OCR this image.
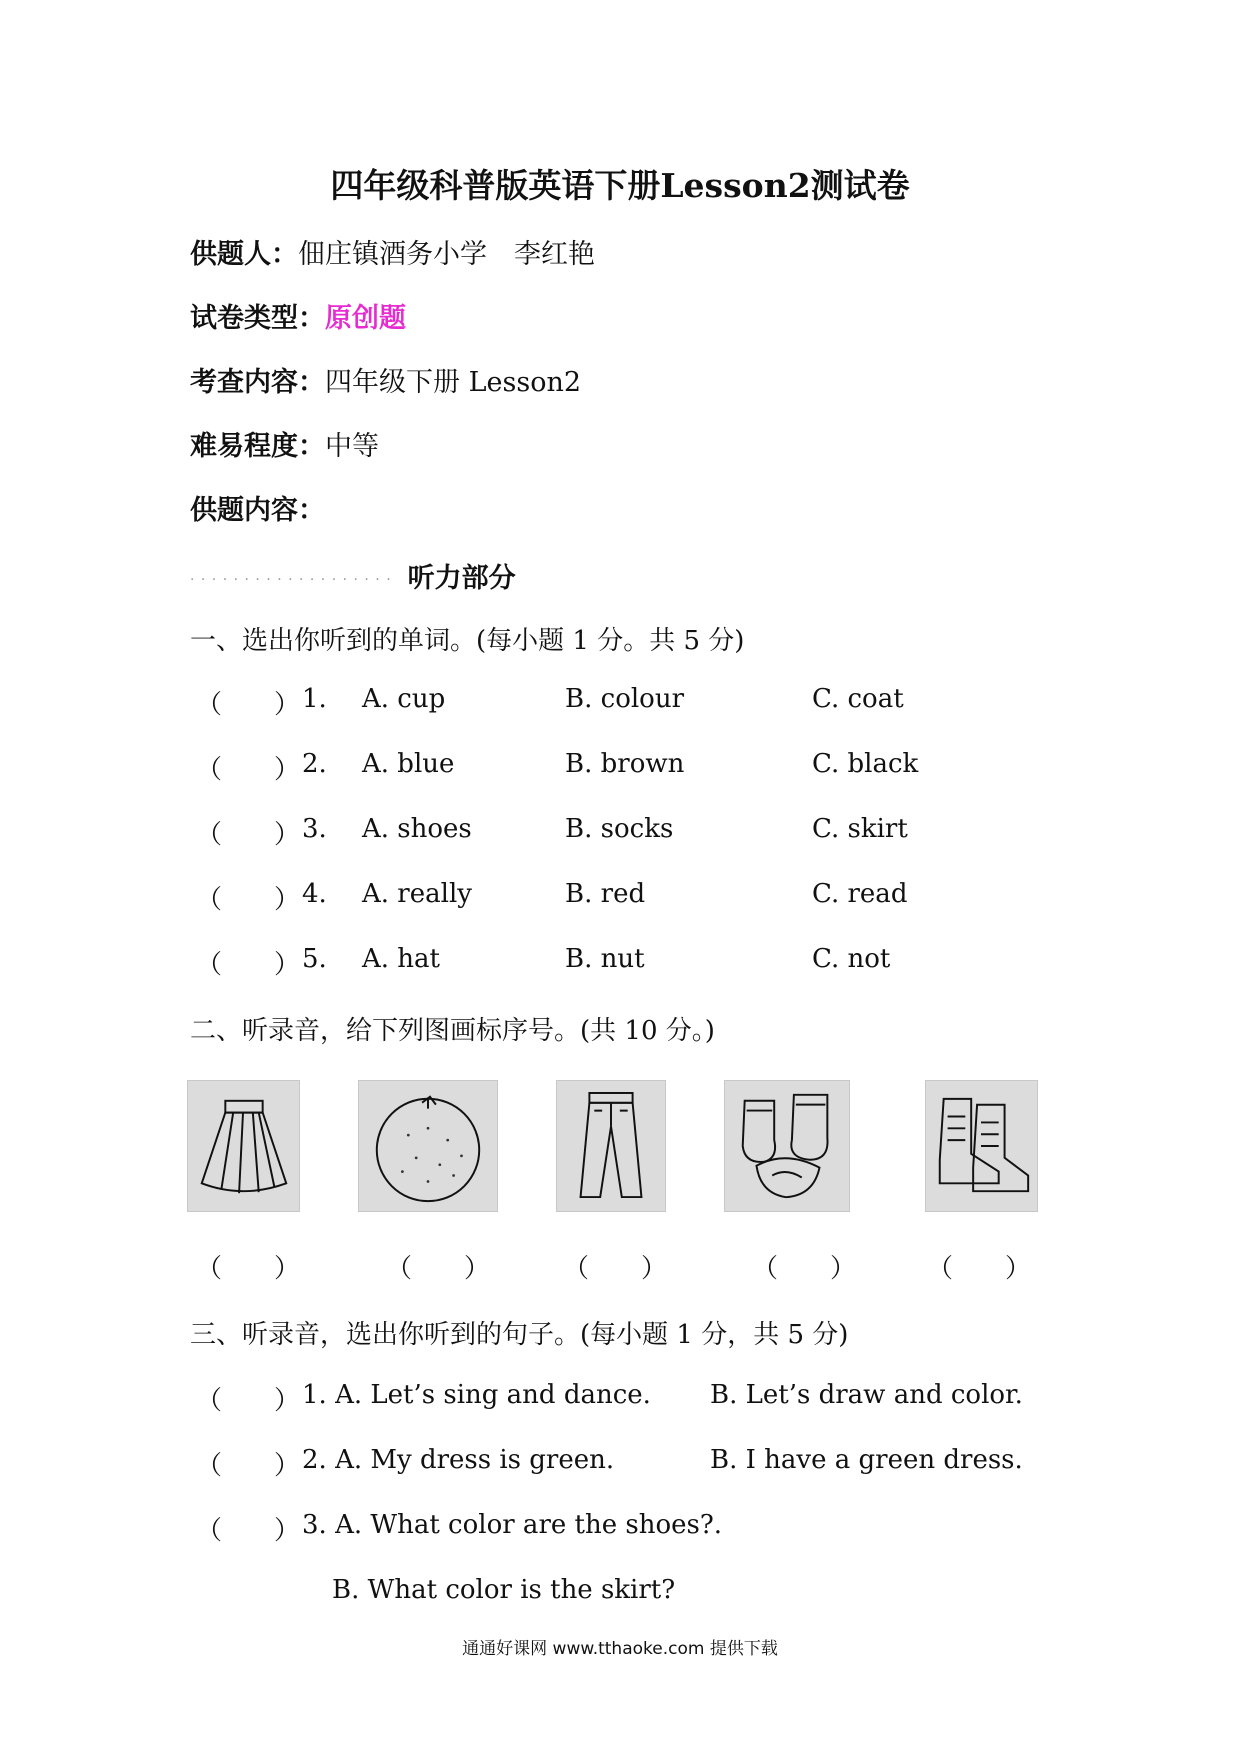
四年级科普版英语下册Lesson2测试卷
供题人：佃庄镇酒务小学　李红艳
试卷类型：原创题
考查内容：四年级下册 Lesson2
难易程度：中等
供题内容：
· · · · · · · · · · · · · · · · · · · 听力部分
一、选出你听到的单词。(每小题 1 分。共 5 分)
（　　） 1. A. cup	B. colour	C. coat
（　　） 2. A. blue	B. brown	C. black
（　　） 3. A. shoes	B. socks	C. skirt
（　　） 4. A. really	B. red	C. read
（　　） 5. A. hat	B. nut	C. not
二、听录音，给下列图画标序号。(共 10 分。)
（　　）	（　　）	（　　）	（　　）	（　　）
三、听录音，选出你听到的句子。(每小题 1 分，共 5 分)
（　　） 1. A. Let’s sing and dance. B. Let’s draw and color.
（　　） 2. A. My dress is green.	B. I have a green dress.
（　　） 3. A. What color are the shoes?.
B. What color is the skirt?
通通好课网 www.tthaoke.com 提供下载
